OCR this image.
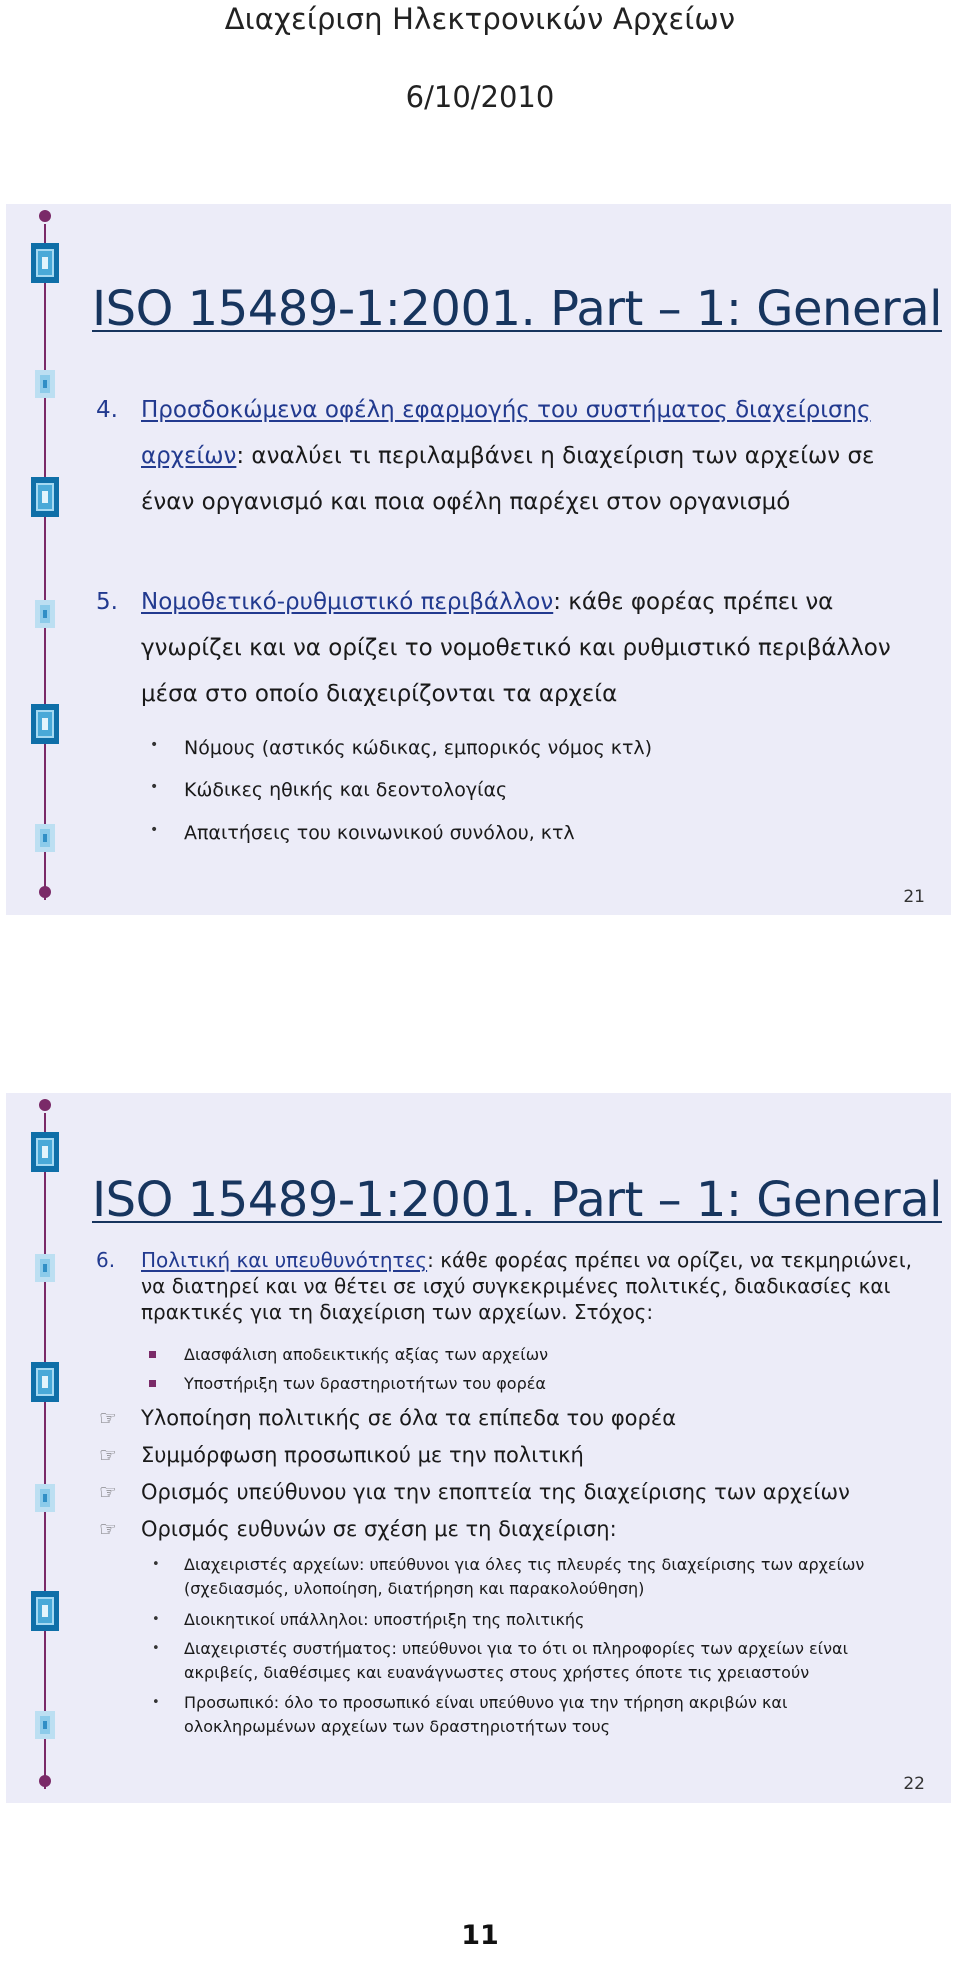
Διαχείριση Ηλεκτρονικών Αρχείων
6/10/2010
ISO 15489-1:2001. Part – 1: General
4. Προσδοκώμενα οφέλη εφαρμογής του συστήματος διαχείρισης αρχείων: αναλύει τι περιλαμβάνει η διαχείριση των αρχείων σε έναν οργανισμό και ποια οφέλη παρέχει στον οργανισμό
5. Νομοθετικό-ρυθμιστικό περιβάλλον: κάθε φορέας πρέπει να γνωρίζει και να ορίζει το νομοθετικό και ρυθμιστικό περιβάλλον μέσα στο οποίο διαχειρίζονται τα αρχεία
• Νόμους (αστικός κώδικας, εμπορικός νόμος κτλ)
• Κώδικες ηθικής και δεοντολογίας
• Απαιτήσεις του κοινωνικού συνόλου, κτλ
21
ISO 15489-1:2001. Part – 1: General
6. Πολιτική και υπευθυνότητες: κάθε φορέας πρέπει να ορίζει, να τεκμηριώνει, να διατηρεί και να θέτει σε ισχύ συγκεκριμένες πολιτικές, διαδικασίες και πρακτικές για τη διαχείριση των αρχείων. Στόχος:
Διασφάλιση αποδεικτικής αξίας των αρχείων
Υποστήριξη των δραστηριοτήτων του φορέα
☞ Υλοποίηση πολιτικής σε όλα τα επίπεδα του φορέα
☞ Συμμόρφωση προσωπικού με την πολιτική
☞ Ορισμός υπεύθυνου για την εποπτεία της διαχείρισης των αρχείων
☞ Ορισμός ευθυνών σε σχέση με τη διαχείριση:
• Διαχειριστές αρχείων: υπεύθυνοι για όλες τις πλευρές της διαχείρισης των αρχείων (σχεδιασμός, υλοποίηση, διατήρηση και παρακολούθηση)
• Διοικητικοί υπάλληλοι: υποστήριξη της πολιτικής
• Διαχειριστές συστήματος: υπεύθυνοι για το ότι οι πληροφορίες των αρχείων είναι ακριβείς, διαθέσιμες και ευανάγνωστες στους χρήστες όποτε τις χρειαστούν
• Προσωπικό: όλο το προσωπικό είναι υπεύθυνο για την τήρηση ακριβών και ολοκληρωμένων αρχείων των δραστηριοτήτων τους
22
11
